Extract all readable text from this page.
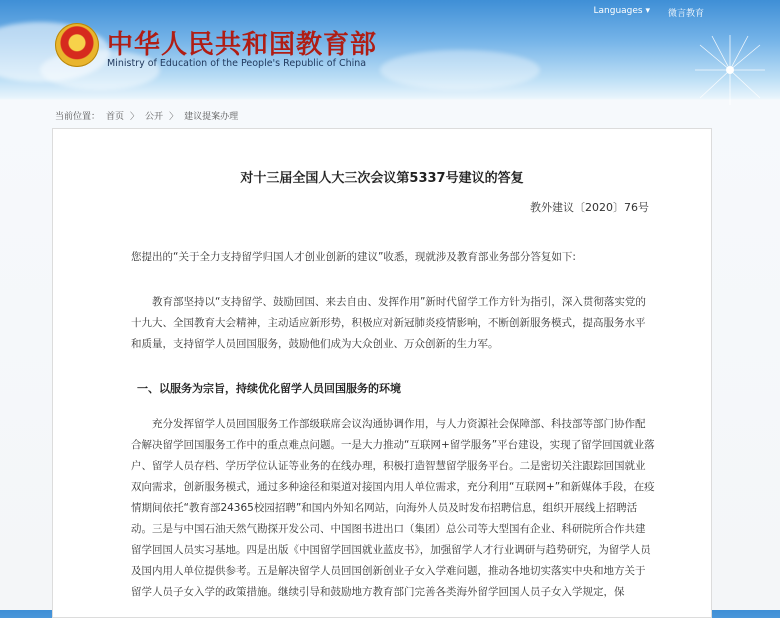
Languages ▾ 微言教育
中华人民共和国教育部
Ministry of Education of the People's Republic of China
当前位置： 首页 〉 公开 〉 建议提案办理
对十三届全国人大三次会议第5337号建议的答复
教外建议〔2020〕76号

您提出的“关于全力支持留学归国人才创业创新的建议”收悉，现就涉及教育部业务部分答复如下:

教育部坚持以“支持留学、鼓励回国、来去自由、发挥作用”新时代留学工作方针为指引，深入贯彻落实党的十九大、全国教育大会精神，主动适应新形势，积极应对新冠肺炎疫情影响，不断创新服务模式，提高服务水平和质量，支持留学人员回国服务，鼓励他们成为大众创业、万众创新的生力军。

一、以服务为宗旨，持续优化留学人员回国服务的环境

充分发挥留学人员回国服务工作部级联席会议沟通协调作用，与人力资源社会保障部、科技部等部门协作配合解决留学回国服务工作中的重点难点问题。一是大力推动“互联网+留学服务”平台建设，实现了留学回国就业落户、留学人员存档、学历学位认证等业务的在线办理，积极打造智慧留学服务平台。二是密切关注跟踪回国就业双向需求，创新服务模式，通过多种途径和渠道对接国内用人单位需求，充分利用“互联网+”和新媒体手段，在疫情期间依托“教育部24365校园招聘”和国内外知名网站，向海外人员及时发布招聘信息，组织开展线上招聘活动。三是与中国石油天然气勘探开发公司、中国图书进出口（集团）总公司等大型国有企业、科研院所合作共建留学回国人员实习基地。四是出版《中国留学回国就业蓝皮书》，加强留学人才行业调研与趋势研究，为留学人员及国内用人单位提供参考。五是解决留学人员回国创新创业子女入学难问题，推动各地切实落实中央和地方关于留学人员子女入学的政策措施。继续引导和鼓励地方教育部门完善各类海外留学回国人员子女入学规定，保
